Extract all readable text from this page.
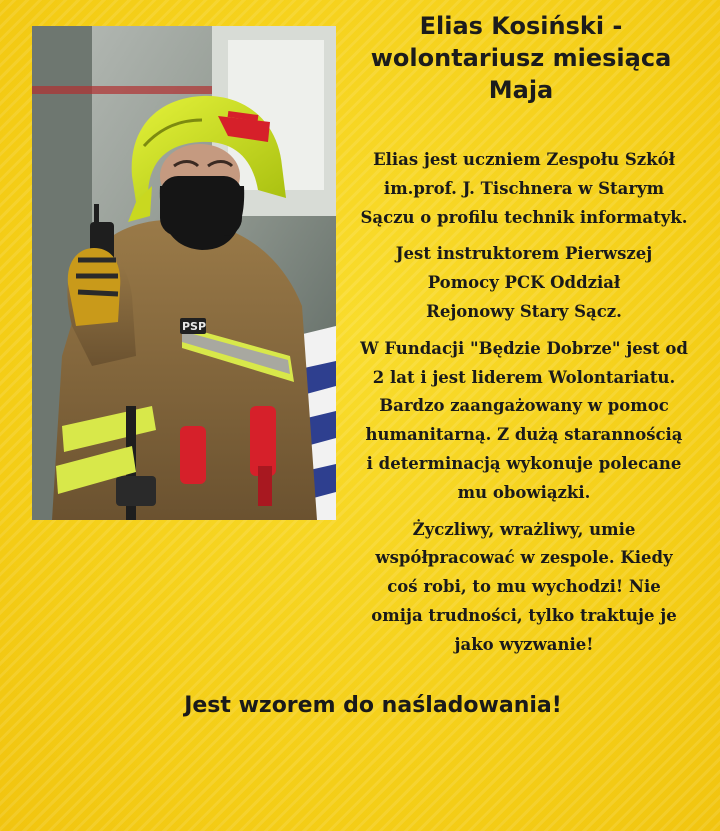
PSP
Elias Kosiński -
wolontariusz miesiąca
Maja

Elias jest uczniem Zespołu Szkół
im.prof. J. Tischnera w Starym
Sączu o profilu technik informatyk.

Jest instruktorem Pierwszej
Pomocy PCK Oddział
Rejonowy Stary Sącz.

W Fundacji "Będzie Dobrze" jest od
2 lat i jest liderem Wolontariatu.
Bardzo zaangażowany w pomoc
humanitarną. Z dużą starannością
i determinacją wykonuje polecane
mu obowiązki.

Życzliwy, wrażliwy, umie
współpracować w zespole. Kiedy
coś robi, to mu wychodzi! Nie
omija trudności, tylko traktuje je
jako wyzwanie!

Jest wzorem do naśladowania!
